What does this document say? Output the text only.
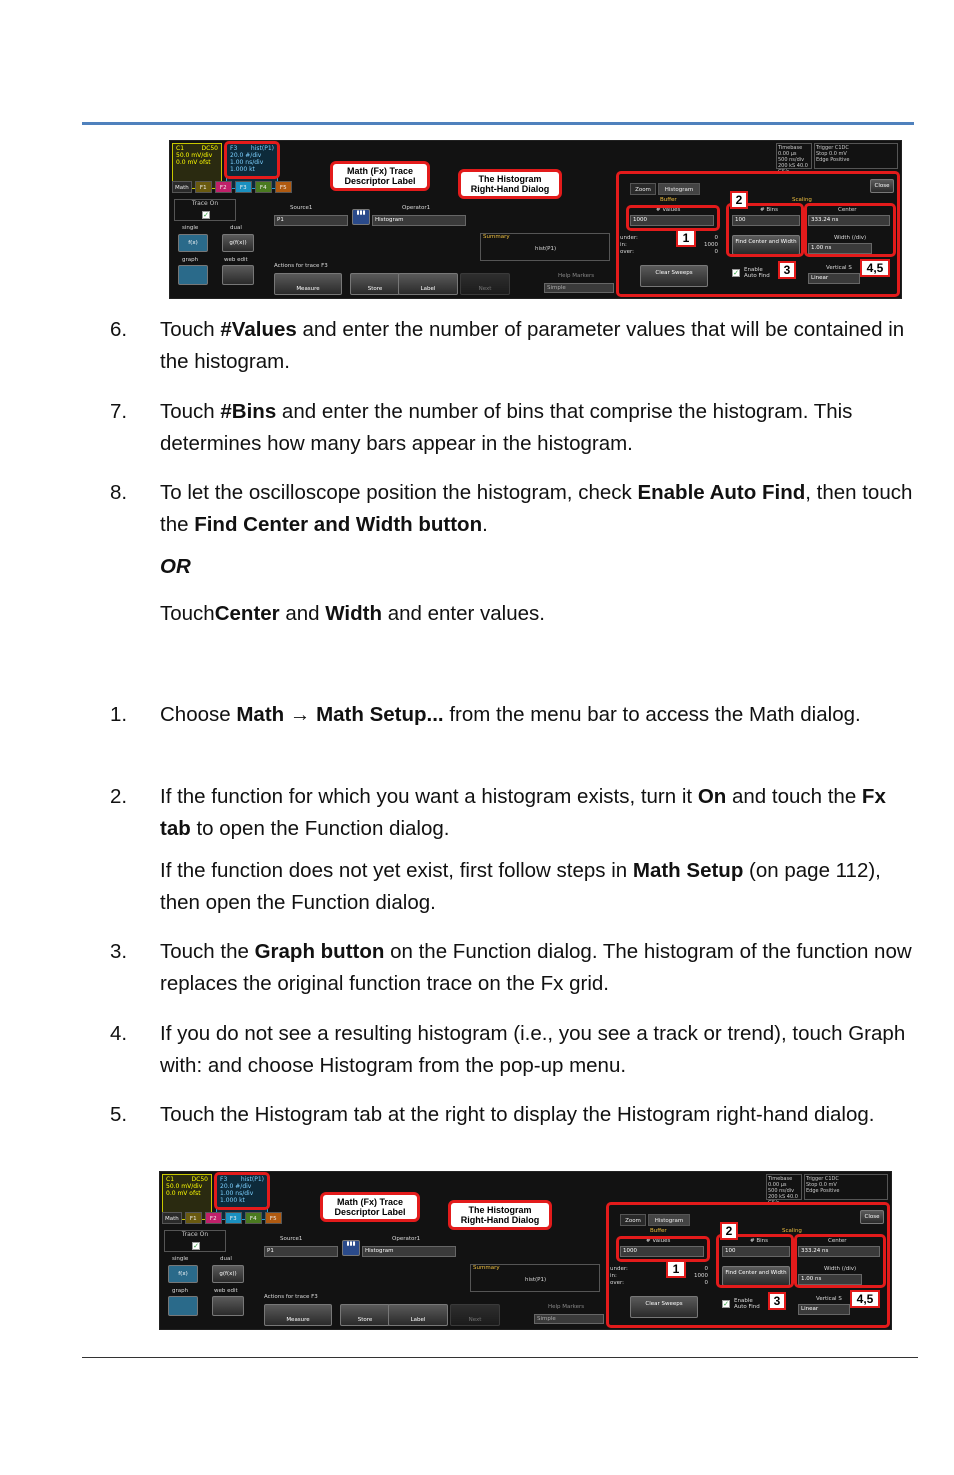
C1	DC50

50.0 mV/div
0.0 mV ofst
F3 hist(P1)

20.0 #/div
1.00 ns/div
1.000 kt
Math	F1	F2	F3	F4	F5
Trace On
✓
single	dual
f(x)	g(f(x))
graph	web edit
Source1
P1
▮▮▮
Operator1
Histogram
Summary
hist(P1)
Actions for trace F3
Measure	Store	Label	Next
Help Markers
Simple
Math (Fx) Trace Descriptor Label	The Histogram Right-Hand Dialog
Timebase 0.00 µs
500 ns/div
200 kS 40.0 GS/s
Trigger C1DC
Stop 0.0 mV
Edge Positive
Zoom	Histogram
Close
Buffer	Scaling
# Values
1000
under:
in:
over:
0
1000
0
Clear Sweeps
# Bins
100
Find Center and Width
✓ Enable Auto Find
Center
333.24 ns
Width (/div)
1.00 ns
Vertical S
Linear
1
2
3	4,5
6.	Touch #Values and enter the number of parameter values that will be contained in the histogram.
7.	Touch #Bins and enter the number of bins that comprise the histogram. This determines how many bars appear in the histogram.
8.	To let the oscilloscope position the histogram, check Enable Auto Find, then touch the Find Center and Width button.
OR
TouchCenter and Width and enter values.
1.	Choose Math → Math Setup... from the menu bar to access the Math dialog.
2.	If the function for which you want a histogram exists, turn it On and touch the Fx tab to open the Function dialog.
If the function does not yet exist, first follow steps in Math Setup (on page 112), then open the Function dialog.
3.	Touch the Graph button on the Function dialog. The histogram of the function now replaces the original function trace on the Fx grid.
4.	If you do not see a resulting histogram (i.e., you see a track or trend), touch Graph with: and choose Histogram from the pop-up menu.
5.	Touch the Histogram tab at the right to display the Histogram right-hand dialog.
C1	DC50

50.0 mV/div
0.0 mV ofst
F3 hist(P1)

20.0 #/div
1.00 ns/div
1.000 kt
Math	F1	F2	F3	F4	F5
Trace On
✓
single	dual
f(x)	g(f(x))
graph	web edit
Source1
P1
▮▮▮
Operator1
Histogram
Summary
hist(P1)
Actions for trace F3
Measure	Store	Label	Next
Help Markers
Simple
Math (Fx) Trace Descriptor Label	The Histogram Right-Hand Dialog
Timebase 0.00 µs
500 ns/div
200 kS 40.0 GS/s
Trigger C1DC
Stop 0.0 mV
Edge Positive
Zoom	Histogram
Close
Buffer	Scaling
# Values
1000
under:
in:
over:
0
1000
0
Clear Sweeps
# Bins
100
Find Center and Width
✓ Enable Auto Find
Center
333.24 ns
Width (/div)
1.00 ns
Vertical S
Linear
1
2
3	4,5
